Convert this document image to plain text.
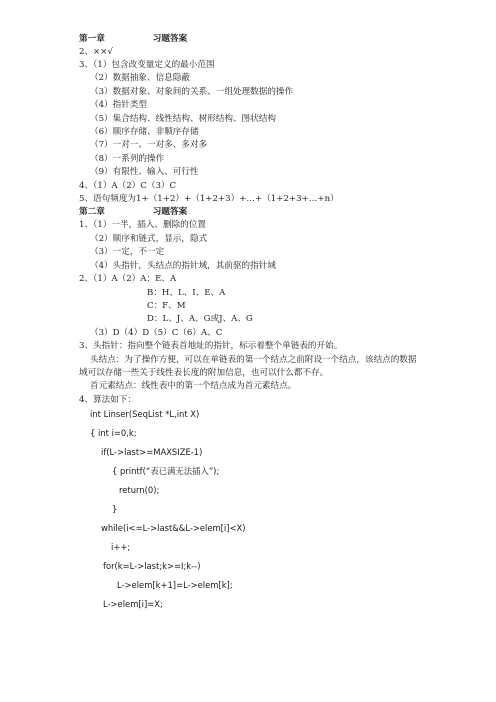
第一章	习题答案
2、××√
3、（1）包含改变量定义的最小范围
（2）数据抽象、信息隐蔽
（3）数据对象、对象间的关系、一组处理数据的操作
（4）指针类型
（5）集合结构、线性结构、树形结构、图状结构
（6）顺序存储、非顺序存储
（7）一对一、一对多、多对多
（8）一系列的操作
（9）有限性、输入、可行性
4、（1）A（2）C（3）C
5、语句频度为1+（1+2）+（1+2+3）+…+（1+2+3+…+n）
第二章	习题答案
1、（1）一半，插入、删除的位置
（2）顺序和链式，显示，隐式
（3）一定，不一定
（4）头指针，头结点的指针域，其前驱的指针域
2、（1）A（2）A：E、A
B：H、L、I、E、A
C：F、M
D：L、J、A、G或J、A、G
（3）D（4）D（5）C（6）A、C
3、头指针：指向整个链表首地址的指针，标示着整个单链表的开始。
头结点：为了操作方便，可以在单链表的第一个结点之前附设一个结点，该结点的数据
域可以存储一些关于线性表长度的附加信息，也可以什么都不存。
首元素结点：线性表中的第一个结点成为首元素结点。
4、算法如下：
int Linser(SeqList *L,int X)
{ int i=0,k;
if(L->last>=MAXSIZE-1)
{ printf(“表已满无法插入”);
return(0);
}
while(i<=L->last&&L->elem[i]<X)
i++;
for(k=L->last;k>=I;k--)
L->elem[k+1]=L->elem[k];
L->elem[i]=X;
